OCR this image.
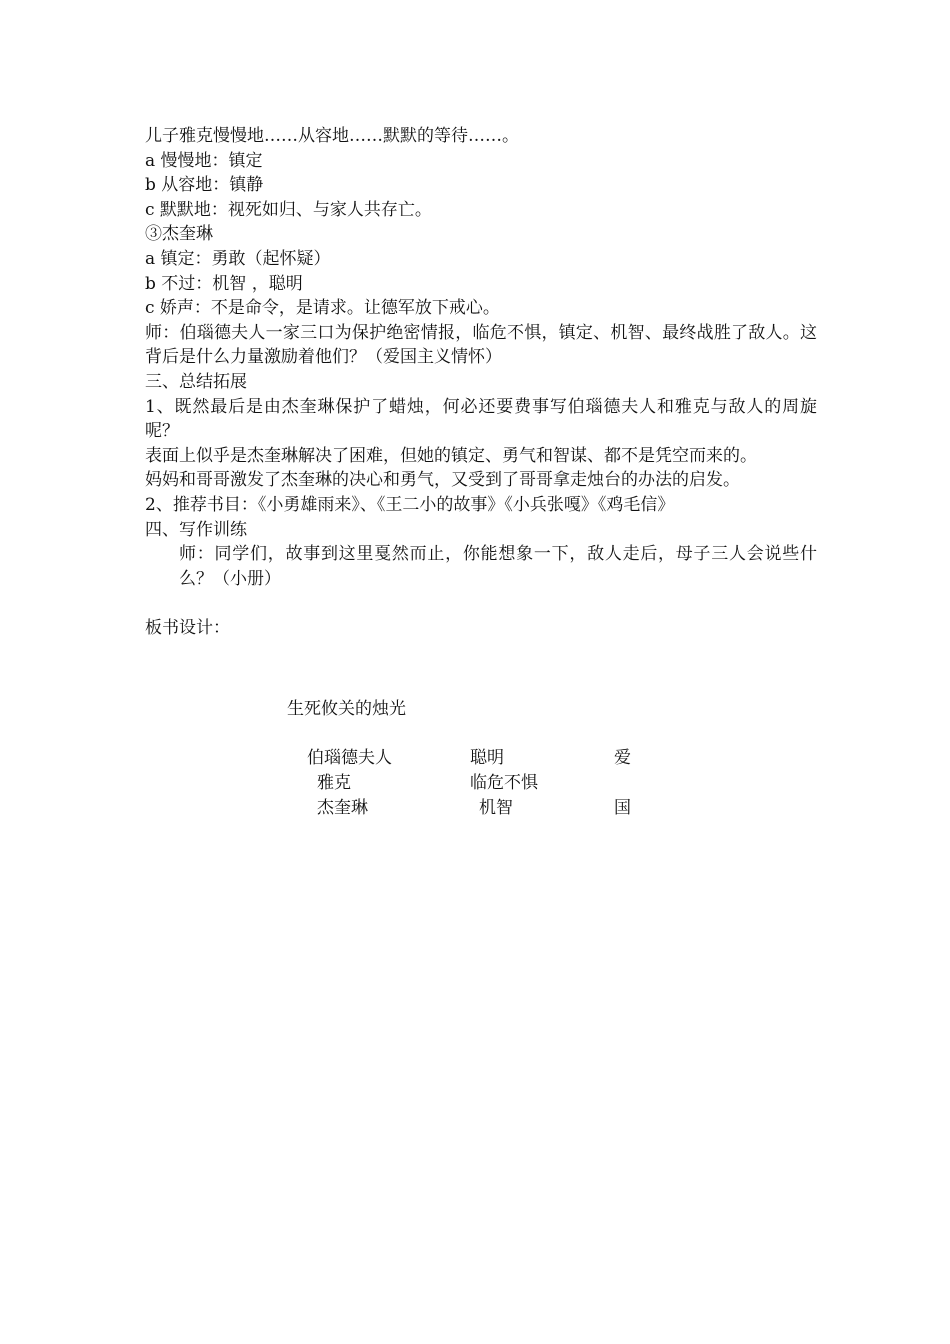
儿子雅克慢慢地……从容地……默默的等待……。
a 慢慢地：镇定
b 从容地：镇静
c 默默地：视死如归、与家人共存亡。
③杰奎琳
a 镇定：勇敢（起怀疑）
b 不过：机智 ，聪明
c 娇声：不是命令，是请求。让德军放下戒心。
师：伯瑙德夫人一家三口为保护绝密情报，临危不惧，镇定、机智、最终战胜了敌人。这背后是什么力量激励着他们？（爱国主义情怀）
三、总结拓展
1、既然最后是由杰奎琳保护了蜡烛，何必还要费事写伯瑙德夫人和雅克与敌人的周旋呢？
表面上似乎是杰奎琳解决了困难，但她的镇定、勇气和智谋、都不是凭空而来的。
妈妈和哥哥激发了杰奎琳的决心和勇气，又受到了哥哥拿走烛台的办法的启发。
2、推荐书目：《小勇雄雨来》、《王二小的故事》《小兵张嘎》《鸡毛信》
四、写作训练
师：同学们，故事到这里戛然而止，你能想象一下，敌人走后，母子三人会说些什么？（小册）
板书设计：
生死攸关的烛光
伯瑙德夫人	聪明	爱
雅克	临危不惧
杰奎琳	机智	国
